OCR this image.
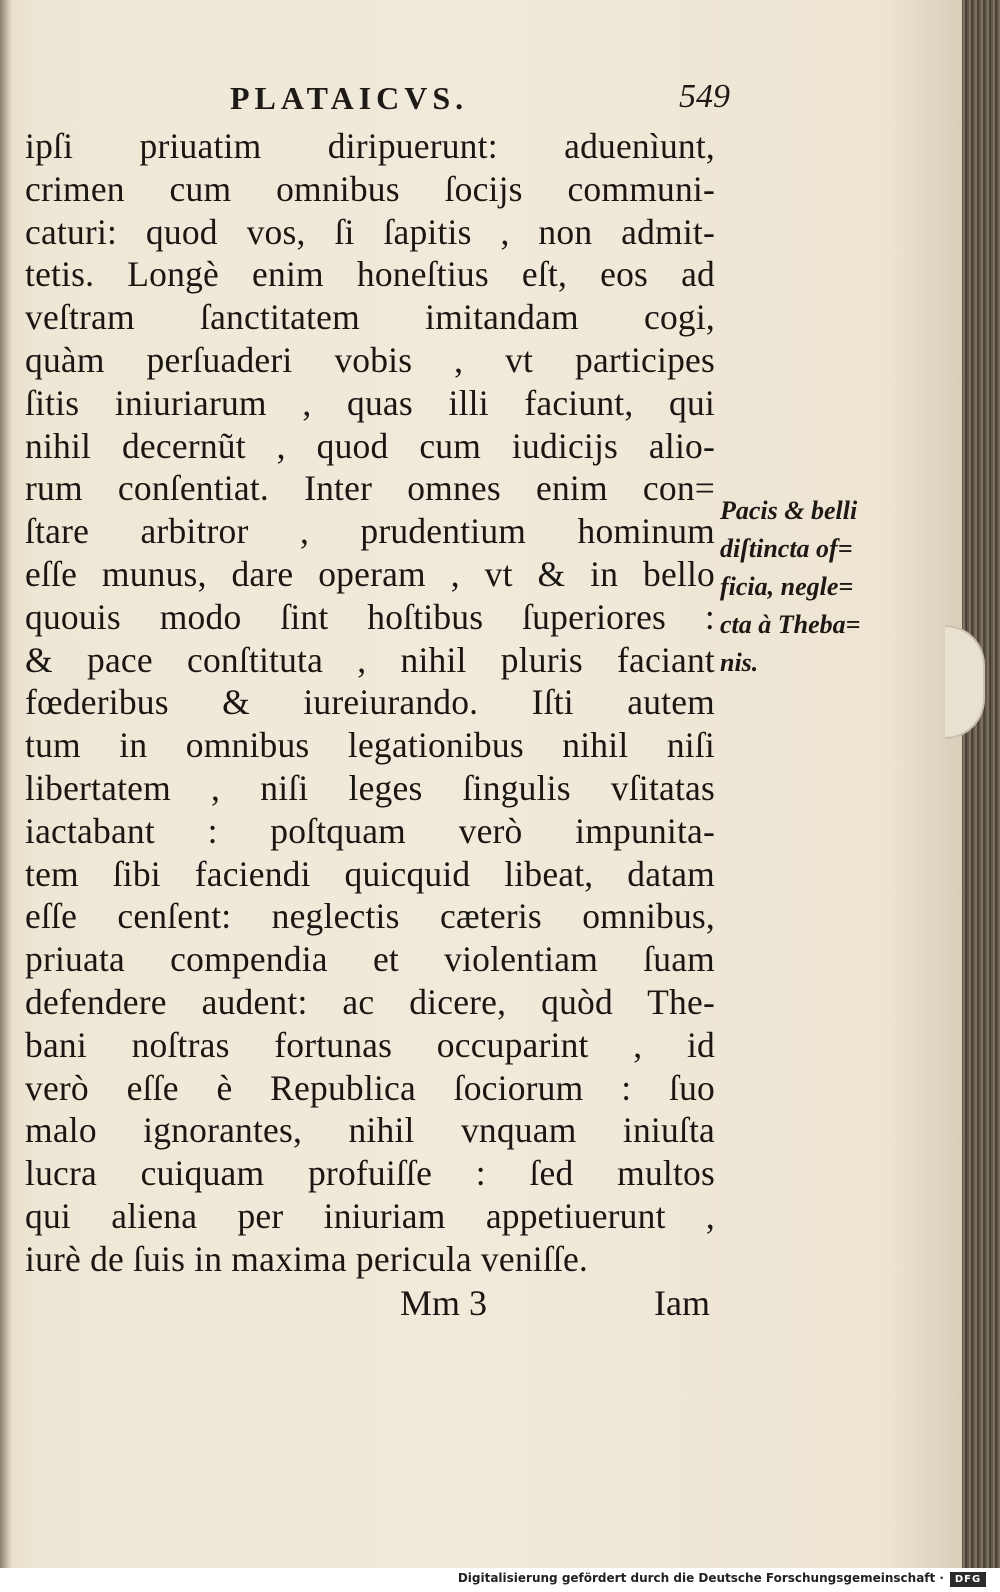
PLATAICVS.	549
ipſi priuatim diripuerunt: aduenìunt,
crimen cum omnibus ſocijs communi-
caturi: quod vos, ſi ſapitis , non admit-
tetis. Longè enim honeſtius eſt, eos ad
veſtram ſanctitatem imitandam cogi,
quàm perſuaderi vobis , vt participes
ſitis iniuriarum , quas illi faciunt, qui
nihil decernũt , quod cum iudicijs alio-
rum conſentiat. Inter omnes enim con=
ſtare arbitror , prudentium hominum
eſſe munus, dare operam , vt & in bello
quouis modo ſint hoſtibus ſuperiores :
& pace conſtituta , nihil pluris faciant
fœderibus & iureiurando. Iſti autem
tum in omnibus legationibus nihil niſi
libertatem , niſi leges ſingulis vſitatas
iactabant : poſtquam verò impunita-
tem ſibi faciendi quicquid libeat, datam
eſſe cenſent: neglectis cæteris omnibus,
priuata compendia et violentiam ſuam
defendere audent: ac dicere, quòd The-
bani noſtras fortunas occuparint , id
verò eſſe è Republica ſociorum : ſuo
malo ignorantes, nihil vnquam iniuſta
lucra cuiquam profuiſſe : ſed multos
qui aliena per iniuriam appetiuerunt ,
iurè de ſuis in maxima pericula veniſſe.
Pacis & belli
diſtincta of=
ficia, negle=
cta à Theba=
nis.
Mm 3	Iam
Digitalisierung gefördert durch die Deutsche Forschungsgemeinschaft ·	DFG
